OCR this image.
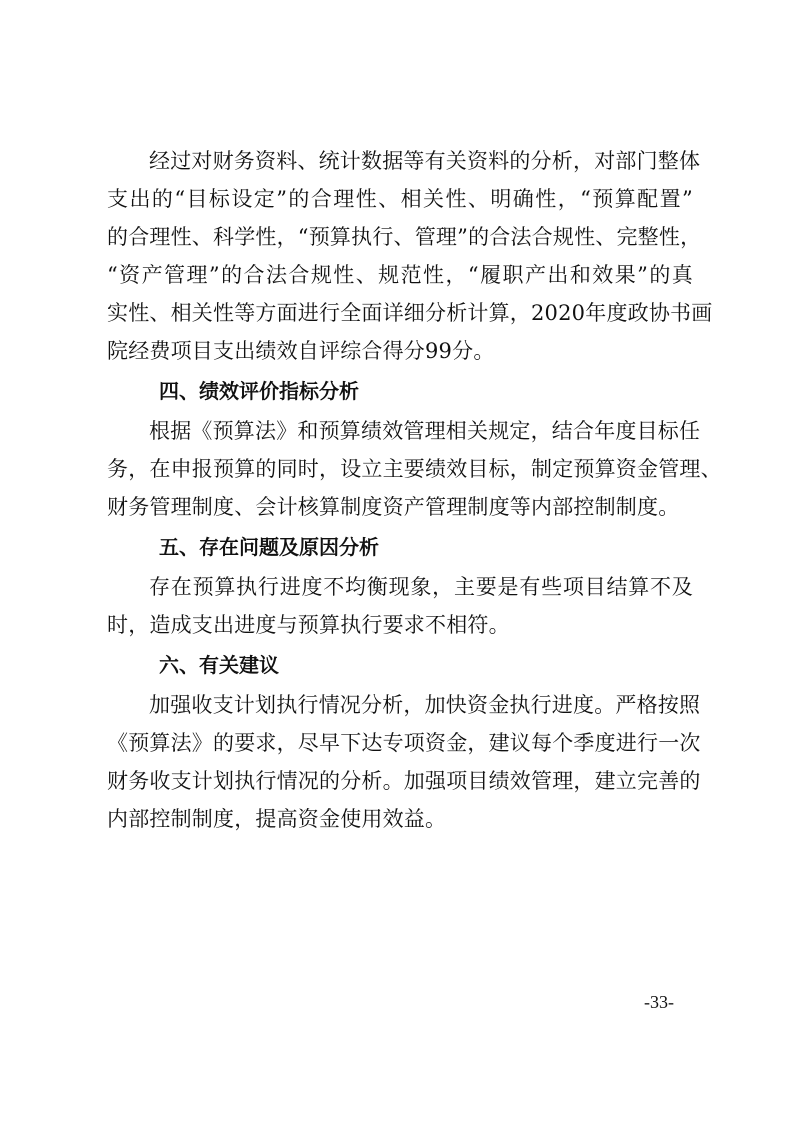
经过对财务资料、统计数据等有关资料的分析，对部门整体
支出的“目标设定”的合理性、相关性、明确性，“预算配置”
的合理性、科学性，“预算执行、管理”的合法合规性、完整性，
“资产管理”的合法合规性、规范性，“履职产出和效果”的真
实性、相关性等方面进行全面详细分析计算，2020年度政协书画
院经费项目支出绩效自评综合得分99分。
四、绩效评价指标分析
根据《预算法》和预算绩效管理相关规定，结合年度目标任
务，在申报预算的同时，设立主要绩效目标，制定预算资金管理、
财务管理制度、会计核算制度资产管理制度等内部控制制度。
五、存在问题及原因分析
存在预算执行进度不均衡现象，主要是有些项目结算不及
时，造成支出进度与预算执行要求不相符。
六、有关建议
加强收支计划执行情况分析，加快资金执行进度。严格按照
《预算法》的要求，尽早下达专项资金，建议每个季度进行一次
财务收支计划执行情况的分析。加强项目绩效管理，建立完善的
内部控制制度，提高资金使用效益。
-33-
